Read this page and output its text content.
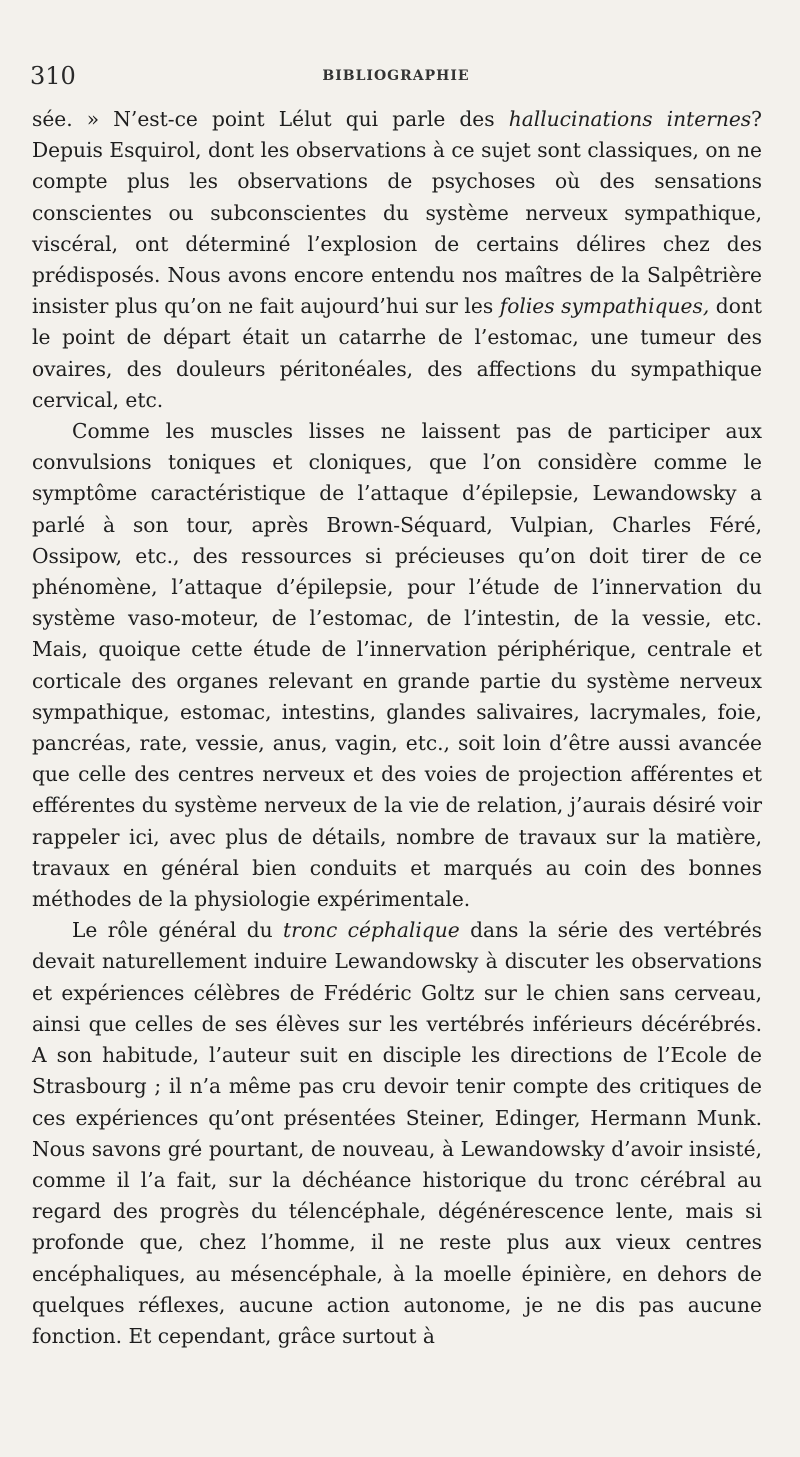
310	BIBLIOGRAPHIE

sée. » N’est-ce point Lélut qui parle des hallucinations internes? Depuis Esquirol, dont les observations à ce sujet sont classiques, on ne compte plus les observations de psychoses où des sensations conscientes ou subconscientes du système nerveux sympathique, viscéral, ont déterminé l’explosion de certains délires chez des prédisposés. Nous avons encore entendu nos maîtres de la Salpêtrière insister plus qu’on ne fait aujourd’hui sur les folies sympathiques, dont le point de départ était un catarrhe de l’estomac, une tumeur des ovaires, des douleurs péritonéales, des affections du sympathique cervical, etc.

Comme les muscles lisses ne laissent pas de participer aux convulsions toniques et cloniques, que l’on considère comme le symptôme caractéristique de l’attaque d’épilepsie, Lewandowsky a parlé à son tour, après Brown-Séquard, Vulpian, Charles Féré, Ossipow, etc., des ressources si précieuses qu’on doit tirer de ce phénomène, l’attaque d’épilepsie, pour l’étude de l’innervation du système vaso-moteur, de l’estomac, de l’intestin, de la vessie, etc. Mais, quoique cette étude de l’innervation périphérique, centrale et corticale des organes relevant en grande partie du système nerveux sympathique, estomac, intestins, glandes salivaires, lacrymales, foie, pancréas, rate, vessie, anus, vagin, etc., soit loin d’être aussi avancée que celle des centres nerveux et des voies de projection afférentes et efférentes du système nerveux de la vie de relation, j’aurais désiré voir rappeler ici, avec plus de détails, nombre de travaux sur la matière, travaux en général bien conduits et marqués au coin des bonnes méthodes de la physiologie expérimentale.

Le rôle général du tronc céphalique dans la série des vertébrés devait naturellement induire Lewandowsky à discuter les observations et expériences célèbres de Frédéric Goltz sur le chien sans cerveau, ainsi que celles de ses élèves sur les vertébrés inférieurs décérébrés. A son habitude, l’auteur suit en disciple les directions de l’Ecole de Strasbourg ; il n’a même pas cru devoir tenir compte des critiques de ces expériences qu’ont présentées Steiner, Edinger, Hermann Munk. Nous savons gré pourtant, de nouveau, à Lewandowsky d’avoir insisté, comme il l’a fait, sur la déchéance historique du tronc cérébral au regard des progrès du télencéphale, dégénérescence lente, mais si profonde que, chez l’homme, il ne reste plus aux vieux centres encéphaliques, au mésencéphale, à la moelle épinière, en dehors de quelques réflexes, aucune action autonome, je ne dis pas aucune fonction. Et cependant, grâce surtout à
